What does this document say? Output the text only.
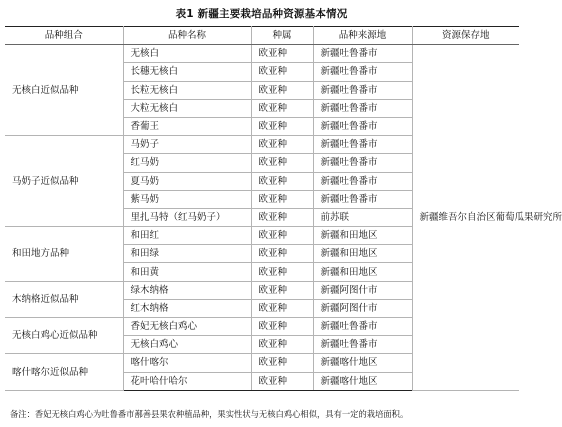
表1 新疆主要栽培品种资源基本情况
品种组合	品种名称	种属	品种来源地	资源保存地
无核白近似品种	无核白	欧亚种	新疆吐鲁番市	新疆维吾尔自治区葡萄瓜果研究所
	长穗无核白	欧亚种	新疆吐鲁番市	
	长粒无核白	欧亚种	新疆吐鲁番市	
	大粒无核白	欧亚种	新疆吐鲁番市	
	香葡王	欧亚种	新疆吐鲁番市	
马奶子近似品种	马奶子	欧亚种	新疆吐鲁番市	
	红马奶	欧亚种	新疆吐鲁番市	
	夏马奶	欧亚种	新疆吐鲁番市	
	紫马奶	欧亚种	新疆吐鲁番市	
	里扎马特（红马奶子）	欧亚种	前苏联	
和田地方品种	和田红	欧亚种	新疆和田地区	
	和田绿	欧亚种	新疆和田地区	
	和田黄	欧亚种	新疆和田地区	
木纳格近似品种	绿木纳格	欧亚种	新疆阿图什市	
	红木纳格	欧亚种	新疆阿图什市	
无核白鸡心近似品种	香妃无核白鸡心	欧亚种	新疆吐鲁番市	
	无核白鸡心	欧亚种	新疆吐鲁番市	
喀什喀尔近似品种	喀什喀尔	欧亚种	新疆喀什地区	
	花叶哈什哈尔	欧亚种	新疆喀什地区	
备注：香妃无核白鸡心为吐鲁番市鄯善县果农种植品种，果实性状与无核白鸡心相似，具有一定的栽培面积。
